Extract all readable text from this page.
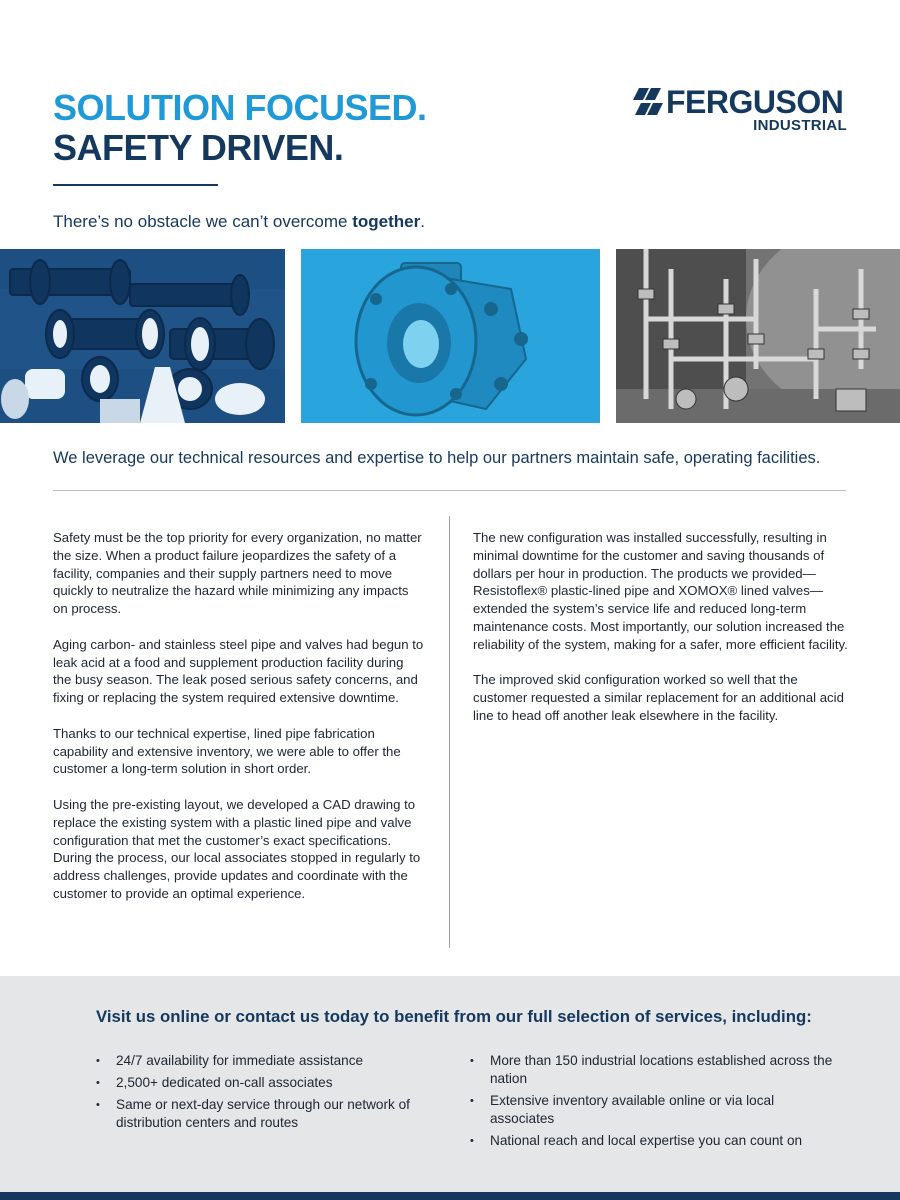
SOLUTION FOCUSED.
SAFETY DRIVEN.
FERGUSON
INDUSTRIAL

There’s no obstacle we can’t overcome together.

We leverage our technical resources and expertise to help our partners maintain safe, operating facilities.

Safety must be the top priority for every organization, no matter the size. When a product failure jeopardizes the safety of a facility, companies and their supply partners need to move quickly to neutralize the hazard while minimizing any impacts on process.

Aging carbon- and stainless steel pipe and valves had begun to leak acid at a food and supplement production facility during the busy season. The leak posed serious safety concerns, and fixing or replacing the system required extensive downtime.

Thanks to our technical expertise, lined pipe fabrication capability and extensive inventory, we were able to offer the customer a long-term solution in short order.

Using the pre-existing layout, we developed a CAD drawing to replace the existing system with a plastic lined pipe and valve configuration that met the customer’s exact specifications. During the process, our local associates stopped in regularly to address challenges, provide updates and coordinate with the customer to provide an optimal experience.

The new configuration was installed successfully, resulting in minimal downtime for the customer and saving thousands of dollars per hour in production. The products we provided—Resistoflex® plastic-lined pipe and XOMOX® lined valves—extended the system’s service life and reduced long-term maintenance costs. Most importantly, our solution increased the reliability of the system, making for a safer, more efficient facility.

The improved skid configuration worked so well that the customer requested a similar replacement for an additional acid line to head off another leak elsewhere in the facility.

Visit us online or contact us today to benefit from our full selection of services, including:

• 24/7 availability for immediate assistance
• 2,500+ dedicated on-call associates
• Same or next-day service through our network of distribution centers and routes
• More than 150 industrial locations established across the nation
• Extensive inventory available online or via local associates
• National reach and local expertise you can count on
